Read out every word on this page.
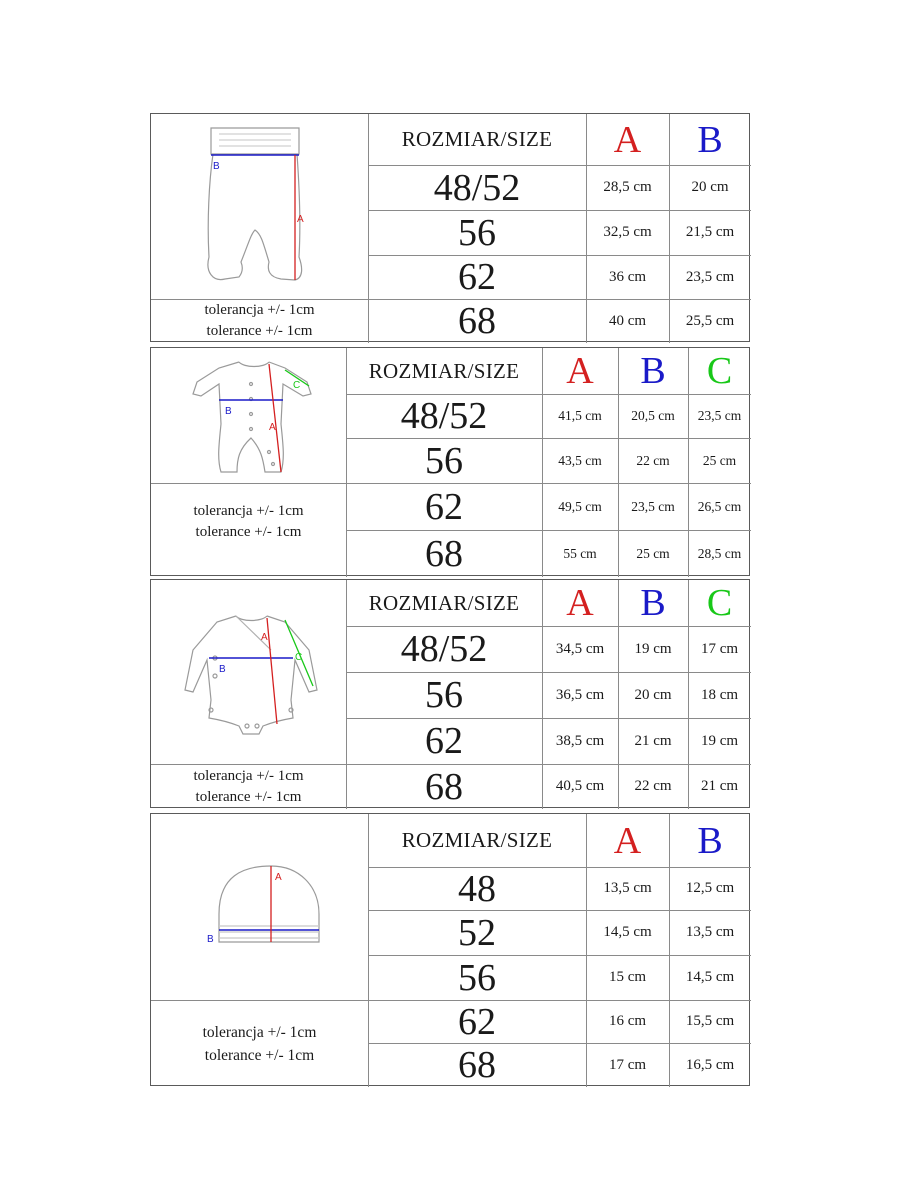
B
A
tolerancja +/- 1cm
tolerance +/- 1cm
ROZMIAR/SIZE	A	B
48/52	28,5 cm	20 cm
56	32,5 cm	21,5 cm
62	36 cm	23,5 cm
68	40 cm	25,5 cm
B
A
C
tolerancja +/- 1cm
tolerance +/- 1cm
ROZMIAR/SIZE	A	B	C
48/52	41,5 cm	20,5 cm	23,5 cm
56	43,5 cm	22 cm	25 cm
62	49,5 cm	23,5 cm	26,5 cm
68	55 cm	25 cm	28,5 cm
B
A
C
tolerancja +/- 1cm
tolerance +/- 1cm
ROZMIAR/SIZE	A	B	C
48/52	34,5 cm	19 cm	17 cm
56	36,5 cm	20 cm	18 cm
62	38,5 cm	21 cm	19 cm
68	40,5 cm	22 cm	21 cm
B
A
tolerancja +/- 1cm
tolerance +/- 1cm
ROZMIAR/SIZE	A	B
48	13,5 cm	12,5 cm
52	14,5 cm	13,5 cm
56	15 cm	14,5 cm
62	16 cm	15,5 cm
68	17 cm	16,5 cm
